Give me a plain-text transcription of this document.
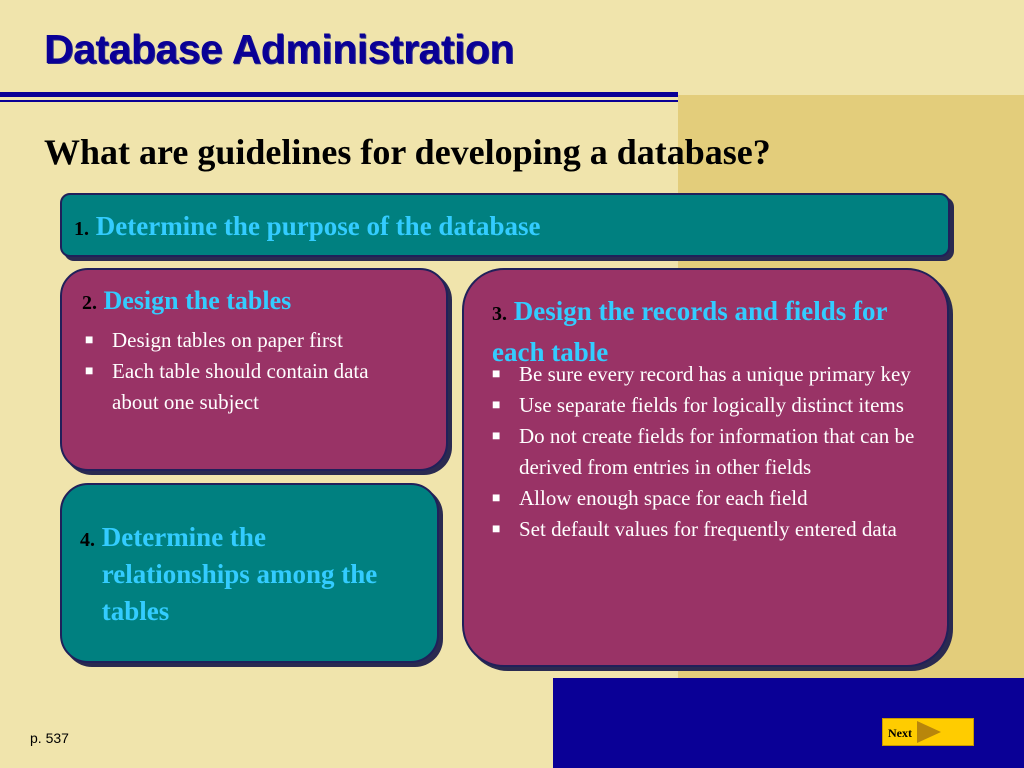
Database Administration
What are guidelines for developing a database?
1. Determine the purpose of the database
2. Design the tables
■ Design tables on paper first
■ Each table should contain data about one subject
3. Design the records and fields for each table
■ Be sure every record has a unique primary key
■ Use separate fields for logically distinct items
■ Do not create fields for information that can be derived from entries in other fields
■ Allow enough space for each field
■ Set default values for frequently entered data
4. Determine the relationships among the tables
p. 537	Next
